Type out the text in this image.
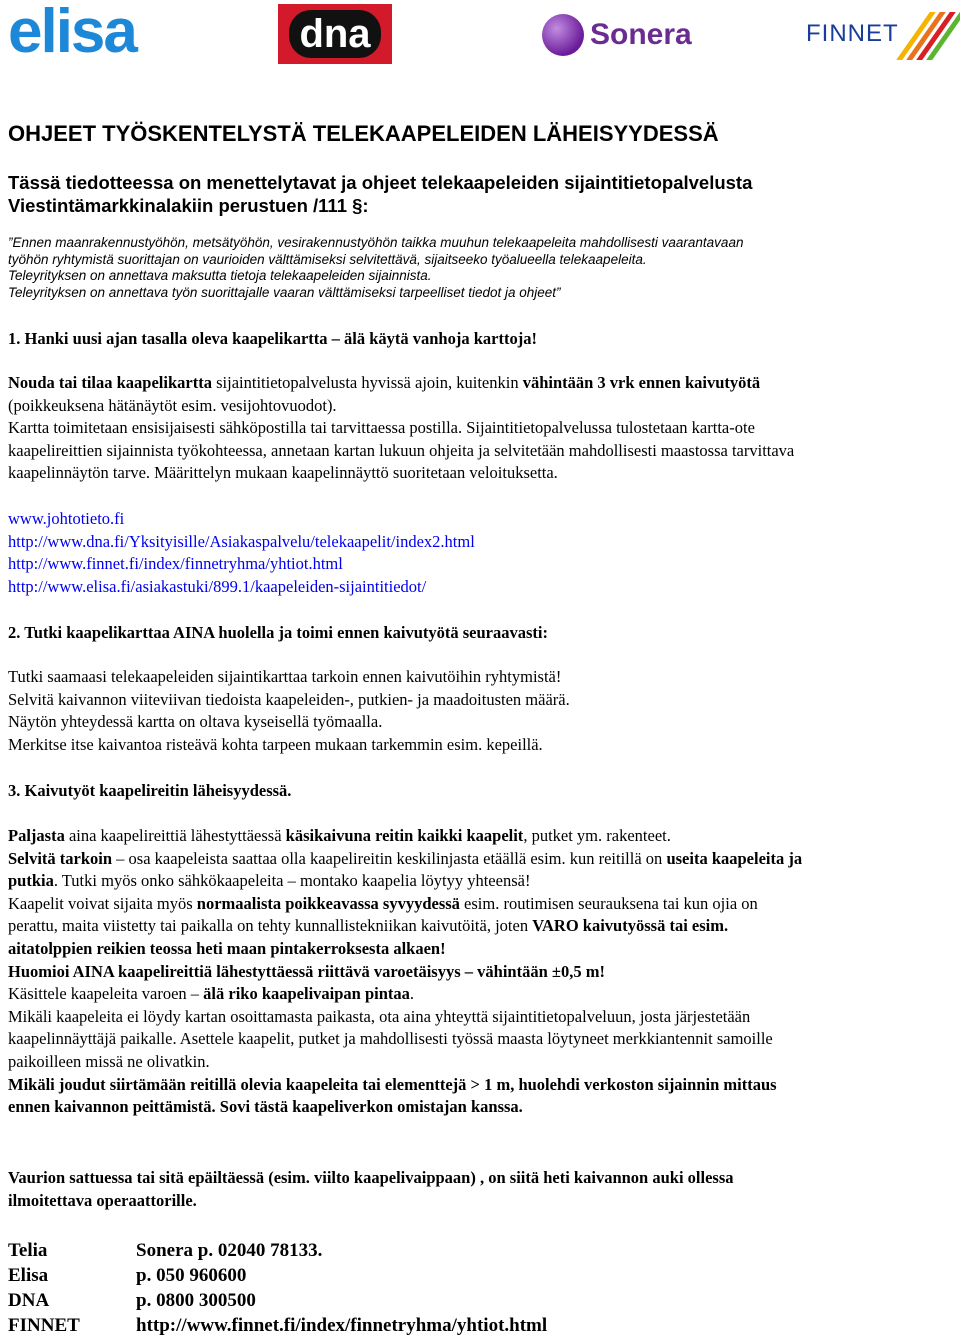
elisa	dna	Sonera	FINNET
OHJEET TYÖSKENTELYSTÄ TELEKAAPELEIDEN LÄHEISYYDESSÄ
Tässä tiedotteessa on menettelytavat ja ohjeet telekaapeleiden sijaintitietopalvelusta
Viestintämarkkinalakiin perustuen /111 §:
”Ennen maanrakennustyöhön, metsätyöhön, vesirakennustyöhön taikka muuhun telekaapeleita mahdollisesti vaarantavaan
työhön ryhtymistä suorittajan on vaurioiden välttämiseksi selvitettävä, sijaitseeko työalueella telekaapeleita.
Teleyrityksen on annettava maksutta tietoja telekaapeleiden sijainnista.
Teleyrityksen on annettava työn suorittajalle vaaran välttämiseksi tarpeelliset tiedot ja ohjeet”
1. Hanki uusi ajan tasalla oleva kaapelikartta – älä käytä vanhoja karttoja!
Nouda tai tilaa kaapelikartta sijaintitietopalvelusta hyvissä ajoin, kuitenkin vähintään 3 vrk ennen kaivutyötä
(poikkeuksena hätänäytöt esim. vesijohtovuodot).
Kartta toimitetaan ensisijaisesti sähköpostilla tai tarvittaessa postilla. Sijaintitietopalvelussa tulostetaan kartta-ote
kaapelireittien sijainnista työkohteessa, annetaan kartan lukuun ohjeita ja selvitetään mahdollisesti maastossa tarvittava
kaapelinnäytön tarve. Määrittelyn mukaan kaapelinnäyttö suoritetaan veloituksetta.
www.johtotieto.fi
http://www.dna.fi/Yksityisille/Asiakaspalvelu/telekaapelit/index2.html
http://www.finnet.fi/index/finnetryhma/yhtiot.html
http://www.elisa.fi/asiakastuki/899.1/kaapeleiden-sijaintitiedot/
2. Tutki kaapelikarttaa AINA huolella ja toimi ennen kaivutyötä seuraavasti:
Tutki saamaasi telekaapeleiden sijaintikarttaa tarkoin ennen kaivutöihin ryhtymistä!
Selvitä kaivannon viiteviivan tiedoista kaapeleiden-, putkien- ja maadoitusten määrä.
Näytön yhteydessä kartta on oltava kyseisellä työmaalla.
Merkitse itse kaivantoa risteävä kohta tarpeen mukaan tarkemmin esim. kepeillä.
3. Kaivutyöt kaapelireitin läheisyydessä.
Paljasta aina kaapelireittiä lähestyttäessä käsikaivuna reitin kaikki kaapelit, putket ym. rakenteet.
Selvitä tarkoin – osa kaapeleista saattaa olla kaapelireitin keskilinjasta etäällä esim. kun reitillä on useita kaapeleita ja
putkia. Tutki myös onko sähkökaapeleita – montako kaapelia löytyy yhteensä!
Kaapelit voivat sijaita myös normaalista poikkeavassa syvyydessä esim. routimisen seurauksena tai kun ojia on
perattu, maita viistetty tai paikalla on tehty kunnallistekniikan kaivutöitä, joten VARO kaivutyössä tai esim.
aitatolppien reikien teossa heti maan pintakerroksesta alkaen!
Huomioi AINA kaapelireittiä lähestyttäessä riittävä varoetäisyys – vähintään ±0,5 m!
Käsittele kaapeleita varoen – älä riko kaapelivaipan pintaa.
Mikäli kaapeleita ei löydy kartan osoittamasta paikasta, ota aina yhteyttä sijaintitietopalveluun, josta järjestetään
kaapelinnäyttäjä paikalle. Asettele kaapelit, putket ja mahdollisesti työssä maasta löytyneet merkkiantennit samoille
paikoilleen missä ne olivatkin.
Mikäli joudut siirtämään reitillä olevia kaapeleita tai elementtejä > 1 m, huolehdi verkoston sijainnin mittaus
ennen kaivannon peittämistä. Sovi tästä kaapeliverkon omistajan kanssa.
Vaurion sattuessa tai sitä epäiltäessä (esim. viilto kaapelivaippaan) , on siitä heti kaivannon auki ollessa
ilmoitettava operaattorille.
Telia	Sonera p. 02040 78133.
Elisa	p. 050 960600
DNA	p. 0800 300500
FINNET	http://www.finnet.fi/index/finnetryhma/yhtiot.html
